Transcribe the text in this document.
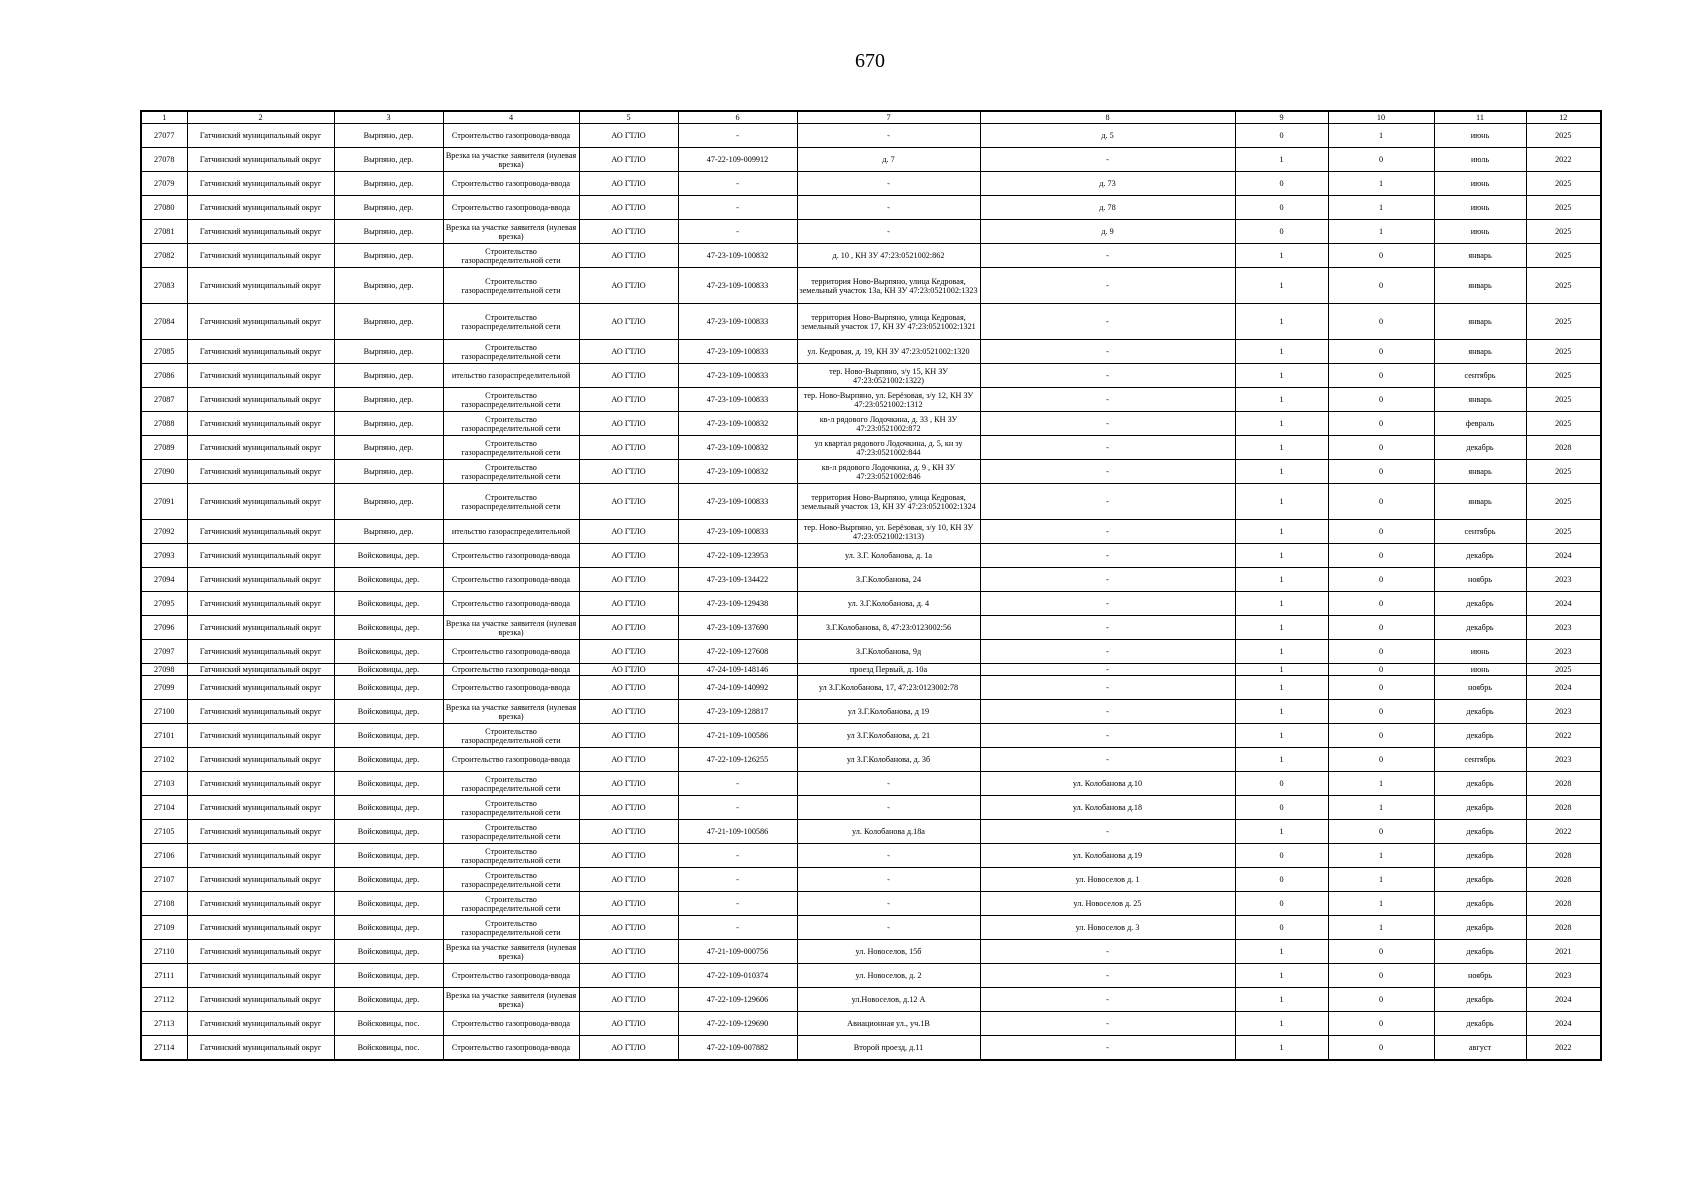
670
1	2	3	4	5	6	7	8	9	10	11	12
27077	Гатчинский муниципальный округ	Вырпяно, дер.	Строительство газопровода-ввода	АО ГТЛО	-	-	д. 5	0	1	июнь	2025
27078	Гатчинский муниципальный округ	Вырпяно, дер.	Врезка на участке заявителя (нулевая врезка)	АО ГТЛО	47-22-109-009912	д. 7	-	1	0	июль	2022
27079	Гатчинский муниципальный округ	Вырпяно, дер.	Строительство газопровода-ввода	АО ГТЛО	-	-	д. 73	0	1	июнь	2025
27080	Гатчинский муниципальный округ	Вырпяно, дер.	Строительство газопровода-ввода	АО ГТЛО	-	-	д. 78	0	1	июнь	2025
27081	Гатчинский муниципальный округ	Вырпяно, дер.	Врезка на участке заявителя (нулевая врезка)	АО ГТЛО	-	-	д. 9	0	1	июнь	2025
27082	Гатчинский муниципальный округ	Вырпяно, дер.	Строительство газораспределительной сети	АО ГТЛО	47-23-109-100832	д. 10 , КН ЗУ 47:23:0521002:862	-	1	0	январь	2025
27083	Гатчинский муниципальный округ	Вырпяно, дер.	Строительство газораспределительной сети	АО ГТЛО	47-23-109-100833	территория Ново-Вырпяно, улица Кедровая, земельный участок 13а, КН ЗУ 47:23:0521002:1323	-	1	0	январь	2025
27084	Гатчинский муниципальный округ	Вырпяно, дер.	Строительство газораспределительной сети	АО ГТЛО	47-23-109-100833	территория Ново-Вырпяно, улица Кедровая, земельный участок 17, КН ЗУ 47:23:0521002:1321	-	1	0	январь	2025
27085	Гатчинский муниципальный округ	Вырпяно, дер.	Строительство газораспределительной сети	АО ГТЛО	47-23-109-100833	ул. Кедровая, д. 19, КН ЗУ 47:23:0521002:1320	-	1	0	январь	2025
27086	Гатчинский муниципальный округ	Вырпяно, дер.	ительство газораспределительной	АО ГТЛО	47-23-109-100833	тер. Ново-Вырпяно, з/у 15, КН ЗУ 47:23:0521002:1322)	-	1	0	сентябрь	2025
27087	Гатчинский муниципальный округ	Вырпяно, дер.	Строительство газораспределительной сети	АО ГТЛО	47-23-109-100833	тер. Ново-Вырпяно, ул. Берёзовая, з/у 12, КН ЗУ 47:23:0521002:1312	-	1	0	январь	2025
27088	Гатчинский муниципальный округ	Вырпяно, дер.	Строительство газораспределительной сети	АО ГТЛО	47-23-109-100832	кв-л рядового Лодочкина, д. 33 , КН ЗУ 47:23:0521002:872	-	1	0	февраль	2025
27089	Гатчинский муниципальный округ	Вырпяно, дер.	Строительство газораспределительной сети	АО ГТЛО	47-23-109-100832	ул квартал рядового Лодочкина, д. 5, кн зу 47:23:0521002:844	-	1	0	декабрь	2028
27090	Гатчинский муниципальный округ	Вырпяно, дер.	Строительство газораспределительной сети	АО ГТЛО	47-23-109-100832	кв-л рядового Лодочкина, д. 9 , КН ЗУ 47:23:0521002:846	-	1	0	январь	2025
27091	Гатчинский муниципальный округ	Вырпяно, дер.	Строительство газораспределительной сети	АО ГТЛО	47-23-109-100833	территория Ново-Вырпяно, улица Кедровая, земельный участок 13, КН ЗУ 47:23:0521002:1324	-	1	0	январь	2025
27092	Гатчинский муниципальный округ	Вырпяно, дер.	ительство газораспределительной	АО ГТЛО	47-23-109-100833	тер. Ново-Вырпяно, ул. Берёзовая, з/у 10, КН ЗУ 47:23:0521002:1313)	-	1	0	сентябрь	2025
27093	Гатчинский муниципальный округ	Войсковицы, дер.	Строительство газопровода-ввода	АО ГТЛО	47-22-109-123953	ул. З.Г. Колобанова, д. 1а	-	1	0	декабрь	2024
27094	Гатчинский муниципальный округ	Войсковицы, дер.	Строительство газопровода-ввода	АО ГТЛО	47-23-109-134422	З.Г.Колобанова, 24	-	1	0	ноябрь	2023
27095	Гатчинский муниципальный округ	Войсковицы, дер.	Строительство газопровода-ввода	АО ГТЛО	47-23-109-129438	ул. З.Г.Колобанова, д. 4	-	1	0	декабрь	2024
27096	Гатчинский муниципальный округ	Войсковицы, дер.	Врезка на участке заявителя (нулевая врезка)	АО ГТЛО	47-23-109-137690	З.Г.Колобанова, 8, 47:23:0123002:56	-	1	0	декабрь	2023
27097	Гатчинский муниципальный округ	Войсковицы, дер.	Строительство газопровода-ввода	АО ГТЛО	47-22-109-127608	З.Г.Колобанова, 9д	-	1	0	июнь	2023
27098	Гатчинский муниципальный округ	Войсковицы, дер.	Строительство газопровода-ввода	АО ГТЛО	47-24-109-148146	проезд Первый, д. 10а	-	1	0	июнь	2025
27099	Гатчинский муниципальный округ	Войсковицы, дер.	Строительство газопровода-ввода	АО ГТЛО	47-24-109-140992	ул З.Г.Колобанова, 17, 47:23:0123002:78	-	1	0	ноябрь	2024
27100	Гатчинский муниципальный округ	Войсковицы, дер.	Врезка на участке заявителя (нулевая врезка)	АО ГТЛО	47-23-109-128817	ул З.Г.Колобанова, д 19	-	1	0	декабрь	2023
27101	Гатчинский муниципальный округ	Войсковицы, дер.	Строительство газораспределительной сети	АО ГТЛО	47-21-109-100586	ул З.Г.Колобанова, д. 21	-	1	0	декабрь	2022
27102	Гатчинский муниципальный округ	Войсковицы, дер.	Строительство газопровода-ввода	АО ГТЛО	47-22-109-126255	ул З.Г.Колобанова, д. 3б	-	1	0	сентябрь	2023
27103	Гатчинский муниципальный округ	Войсковицы, дер.	Строительство газораспределительной сети	АО ГТЛО	-	-	ул. Колобанова д.10	0	1	декабрь	2028
27104	Гатчинский муниципальный округ	Войсковицы, дер.	Строительство газораспределительной сети	АО ГТЛО	-	-	ул. Колобанова д.18	0	1	декабрь	2028
27105	Гатчинский муниципальный округ	Войсковицы, дер.	Строительство газораспределительной сети	АО ГТЛО	47-21-109-100586	ул. Колобанова д.18а	-	1	0	декабрь	2022
27106	Гатчинский муниципальный округ	Войсковицы, дер.	Строительство газораспределительной сети	АО ГТЛО	-	-	ул. Колобанова д.19	0	1	декабрь	2028
27107	Гатчинский муниципальный округ	Войсковицы, дер.	Строительство газораспределительной сети	АО ГТЛО	-	-	ул. Новоселов д. 1	0	1	декабрь	2028
27108	Гатчинский муниципальный округ	Войсковицы, дер.	Строительство газораспределительной сети	АО ГТЛО	-	-	ул. Новоселов д. 25	0	1	декабрь	2028
27109	Гатчинский муниципальный округ	Войсковицы, дер.	Строительство газораспределительной сети	АО ГТЛО	-	-	ул. Новоселов д. 3	0	1	декабрь	2028
27110	Гатчинский муниципальный округ	Войсковицы, дер.	Врезка на участке заявителя (нулевая врезка)	АО ГТЛО	47-21-109-000756	ул. Новоселов, 15б	-	1	0	декабрь	2021
27111	Гатчинский муниципальный округ	Войсковицы, дер.	Строительство газопровода-ввода	АО ГТЛО	47-22-109-010374	ул. Новоселов, д. 2	-	1	0	ноябрь	2023
27112	Гатчинский муниципальный округ	Войсковицы, дер.	Врезка на участке заявителя (нулевая врезка)	АО ГТЛО	47-22-109-129606	ул.Новоселов, д.12 А	-	1	0	декабрь	2024
27113	Гатчинский муниципальный округ	Войсковицы, пос.	Строительство газопровода-ввода	АО ГТЛО	47-22-109-129690	Авиационная ул., уч.1В	-	1	0	декабрь	2024
27114	Гатчинский муниципальный округ	Войсковицы, пос.	Строительство газопровода-ввода	АО ГТЛО	47-22-109-007882	Второй проезд, д.11	-	1	0	август	2022
